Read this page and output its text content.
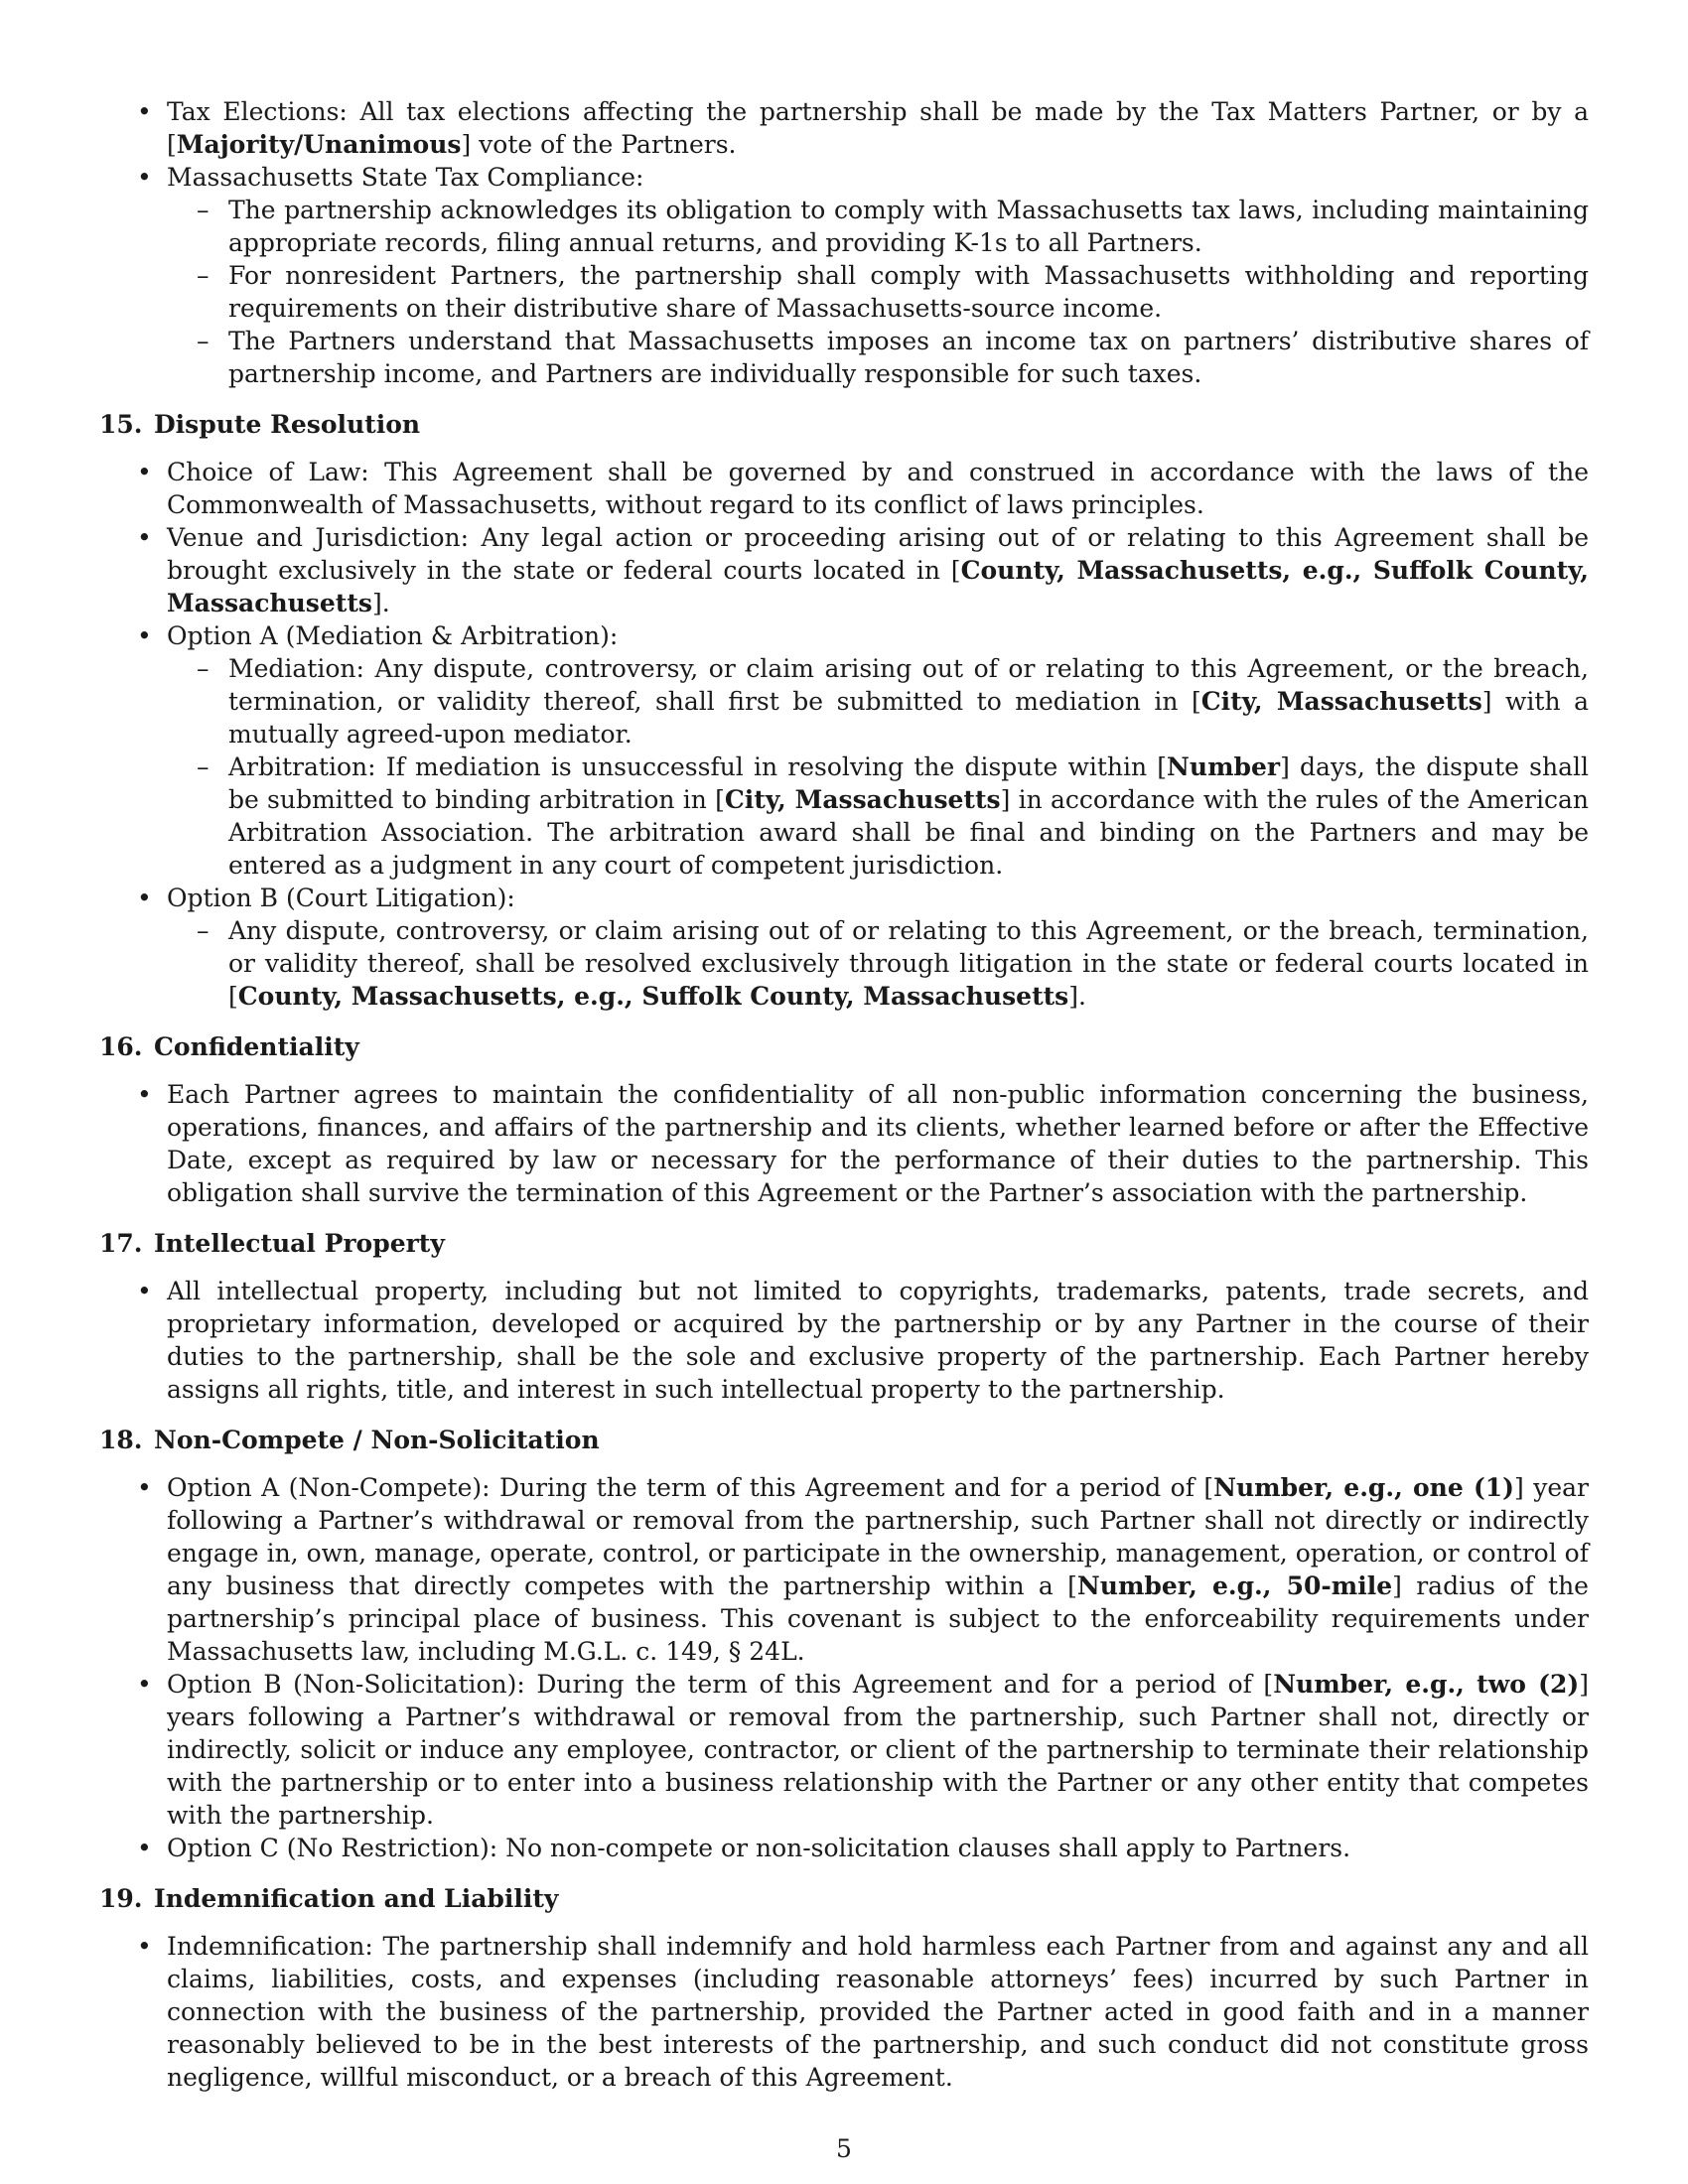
• Tax Elections: All tax elections affecting the partnership shall be made by the Tax Matters Partner, or by a [Majority/Unanimous] vote of the Partners.
• Massachusetts State Tax Compliance:
– The partnership acknowledges its obligation to comply with Massachusetts tax laws, including maintaining appropriate records, filing annual returns, and providing K-1s to all Partners.
– For nonresident Partners, the partnership shall comply with Massachusetts withholding and reporting requirements on their distributive share of Massachusetts-source income.
– The Partners understand that Massachusetts imposes an income tax on partners’ distributive shares of partnership income, and Partners are individually responsible for such taxes.
15. Dispute Resolution
• Choice of Law: This Agreement shall be governed by and construed in accordance with the laws of the Commonwealth of Massachusetts, without regard to its conflict of laws principles.
• Venue and Jurisdiction: Any legal action or proceeding arising out of or relating to this Agreement shall be brought exclusively in the state or federal courts located in [County, Massachusetts, e.g., Suffolk County, Massachusetts].
• Option A (Mediation & Arbitration):
– Mediation: Any dispute, controversy, or claim arising out of or relating to this Agreement, or the breach, termination, or validity thereof, shall first be submitted to mediation in [City, Massachusetts] with a mutually agreed-upon mediator.
– Arbitration: If mediation is unsuccessful in resolving the dispute within [Number] days, the dispute shall be submitted to binding arbitration in [City, Massachusetts] in accordance with the rules of the American Arbitration Association. The arbitration award shall be final and binding on the Partners and may be entered as a judgment in any court of competent jurisdiction.
• Option B (Court Litigation):
– Any dispute, controversy, or claim arising out of or relating to this Agreement, or the breach, termination, or validity thereof, shall be resolved exclusively through litigation in the state or federal courts located in [County, Massachusetts, e.g., Suffolk County, Massachusetts].
16. Confidentiality
• Each Partner agrees to maintain the confidentiality of all non-public information concerning the business, operations, finances, and affairs of the partnership and its clients, whether learned before or after the Effective Date, except as required by law or necessary for the performance of their duties to the partnership. This obligation shall survive the termination of this Agreement or the Partner’s association with the partnership.
17. Intellectual Property
• All intellectual property, including but not limited to copyrights, trademarks, patents, trade secrets, and proprietary information, developed or acquired by the partnership or by any Partner in the course of their duties to the partnership, shall be the sole and exclusive property of the partnership. Each Partner hereby assigns all rights, title, and interest in such intellectual property to the partnership.
18. Non-Compete / Non-Solicitation
• Option A (Non-Compete): During the term of this Agreement and for a period of [Number, e.g., one (1)] year following a Partner’s withdrawal or removal from the partnership, such Partner shall not directly or indirectly engage in, own, manage, operate, control, or participate in the ownership, management, operation, or control of any business that directly competes with the partnership within a [Number, e.g., 50-mile] radius of the partnership’s principal place of business. This covenant is subject to the enforceability requirements under Massachusetts law, including M.G.L. c. 149, § 24L.
• Option B (Non-Solicitation): During the term of this Agreement and for a period of [Number, e.g., two (2)] years following a Partner’s withdrawal or removal from the partnership, such Partner shall not, directly or indirectly, solicit or induce any employee, contractor, or client of the partnership to terminate their relationship with the partnership or to enter into a business relationship with the Partner or any other entity that competes with the partnership.
• Option C (No Restriction): No non-compete or non-solicitation clauses shall apply to Partners.
19. Indemnification and Liability
• Indemnification: The partnership shall indemnify and hold harmless each Partner from and against any and all claims, liabilities, costs, and expenses (including reasonable attorneys’ fees) incurred by such Partner in connection with the business of the partnership, provided the Partner acted in good faith and in a manner reasonably believed to be in the best interests of the partnership, and such conduct did not constitute gross negligence, willful misconduct, or a breach of this Agreement.
5
